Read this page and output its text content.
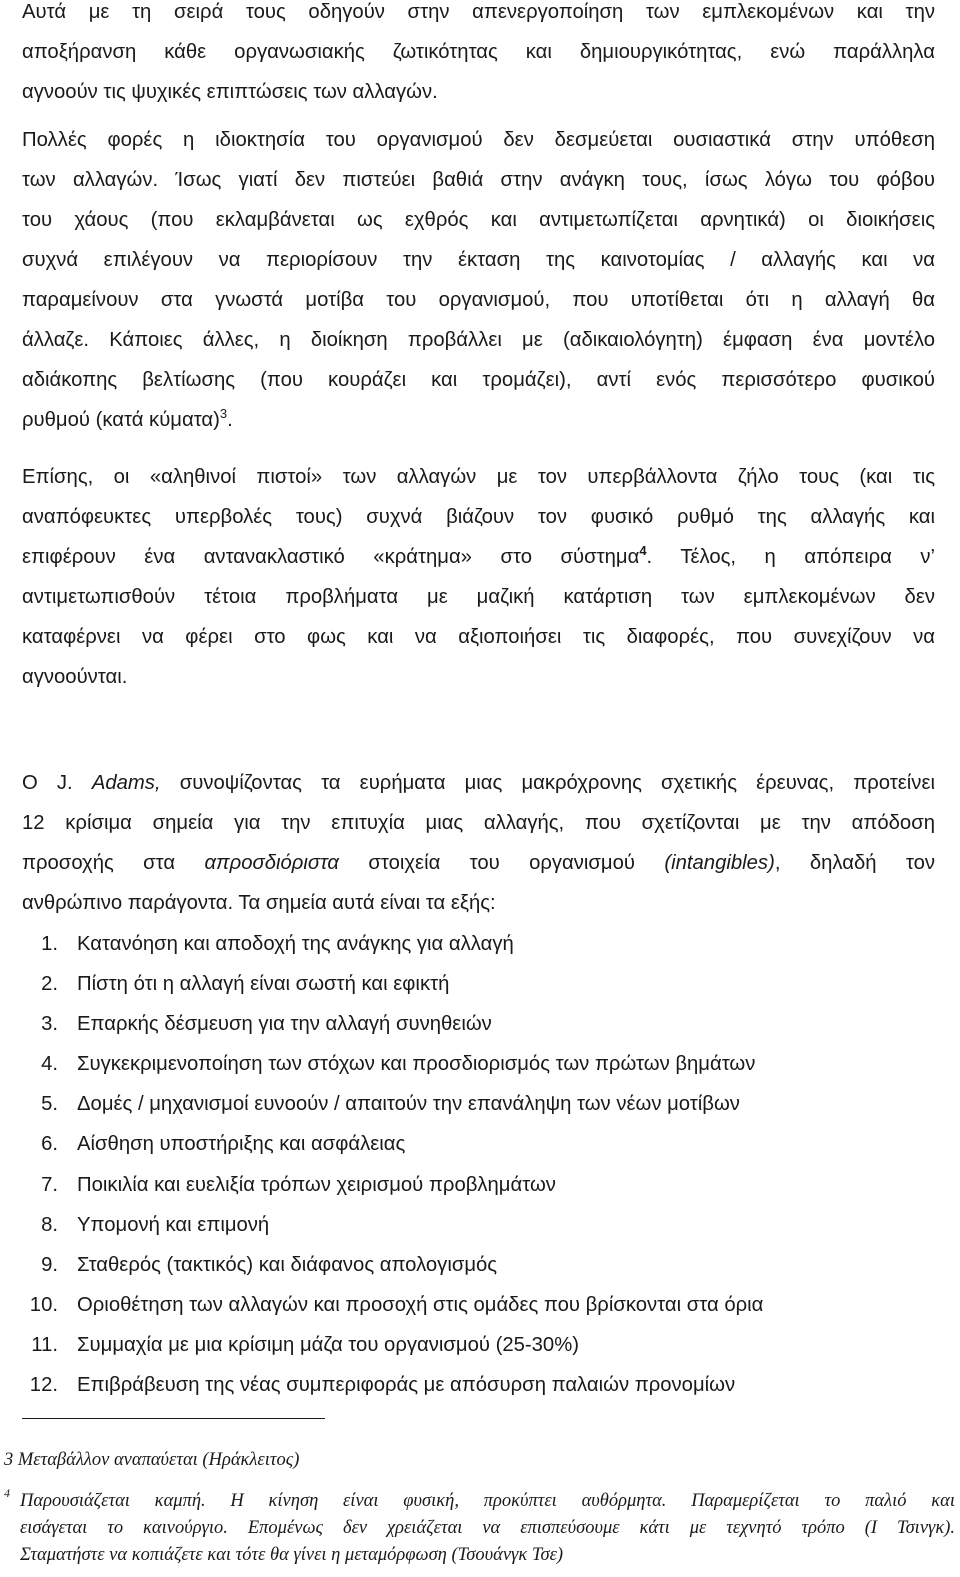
Αυτά με τη σειρά τους οδηγούν στην απενεργοποίηση των εμπλεκομένων και την
αποξήρανση κάθε οργανωσιακής ζωτικότητας και δημιουργικότητας, ενώ παράλληλα
αγνοούν τις ψυχικές επιπτώσεις των αλλαγών.
Πολλές φορές η ιδιοκτησία του οργανισμού δεν δεσμεύεται ουσιαστικά στην υπόθεση
των αλλαγών. Ίσως γιατί δεν πιστεύει βαθιά στην ανάγκη τους, ίσως λόγω του φόβου
του χάους (που εκλαμβάνεται ως εχθρός και αντιμετωπίζεται αρνητικά) οι διοικήσεις
συχνά επιλέγουν να περιορίσουν την έκταση της καινοτομίας / αλλαγής και να
παραμείνουν στα γνωστά μοτίβα του οργανισμού, που υποτίθεται ότι η αλλαγή θα
άλλαζε. Κάποιες άλλες, η διοίκηση προβάλλει με (αδικαιολόγητη) έμφαση ένα μοντέλο
αδιάκοπης βελτίωσης (που κουράζει και τρομάζει), αντί ενός περισσότερο φυσικού
ρυθμού (κατά κύματα)$^3$.
Επίσης, οι «αληθινοί πιστοί» των αλλαγών με τον υπερβάλλοντα ζήλο τους (και τις
αναπόφευκτες υπερβολές τους) συχνά βιάζουν τον φυσικό ρυθμό της αλλαγής και
επιφέρουν ένα αντανακλαστικό «κράτημα» στο σύστημα$^4$. Τέλος, η απόπειρα ν’
αντιμετωπισθούν τέτοια προβλήματα με μαζική κατάρτιση των εμπλεκομένων δεν
καταφέρνει να φέρει στο φως και να αξιοποιήσει τις διαφορές, που συνεχίζουν να
αγνοούνται.
Ο J. Adams, συνοψίζοντας τα ευρήματα μιας μακρόχρονης σχετικής έρευνας, προτείνει
12 κρίσιμα σημεία για την επιτυχία μιας αλλαγής, που σχετίζονται με την απόδοση
προσοχής στα απροσδιόριστα στοιχεία του οργανισμού (intangibles), δηλαδή τον
ανθρώπινο παράγοντα. Τα σημεία αυτά είναι τα εξής:
1. Κατανόηση και αποδοχή της ανάγκης για αλλαγή
2. Πίστη ότι η αλλαγή είναι σωστή και εφικτή
3. Επαρκής δέσμευση για την αλλαγή συνηθειών
4. Συγκεκριμενοποίηση των στόχων και προσδιορισμός των πρώτων βημάτων
5. Δομές / μηχανισμοί ευνοούν / απαιτούν την επανάληψη των νέων μοτίβων
6. Αίσθηση υποστήριξης και ασφάλειας
7. Ποικιλία και ευελιξία τρόπων χειρισμού προβλημάτων
8. Υπομονή και επιμονή
9. Σταθερός (τακτικός) και διάφανος απολογισμός
10. Οριοθέτηση των αλλαγών και προσοχή στις ομάδες που βρίσκονται στα όρια
11. Συμμαχία με μια κρίσιμη μάζα του οργανισμού (25-30%)
12. Επιβράβευση της νέας συμπεριφοράς με απόσυρση παλαιών προνομίων
3 Μεταβάλλον αναπαύεται (Ηράκλειτος)
4 Παρουσιάζεται καμπή. Η κίνηση είναι φυσική, προκύπτει αυθόρμητα. Παραμερίζεται το παλιό και
εισάγεται το καινούργιο. Επομένως δεν χρειάζεται να επισπεύσουμε κάτι με τεχνητό τρόπο (Ι Τσινγκ).
Σταματήστε να κοπιάζετε και τότε θα γίνει η μεταμόρφωση (Τσουάνγκ Τσε)
